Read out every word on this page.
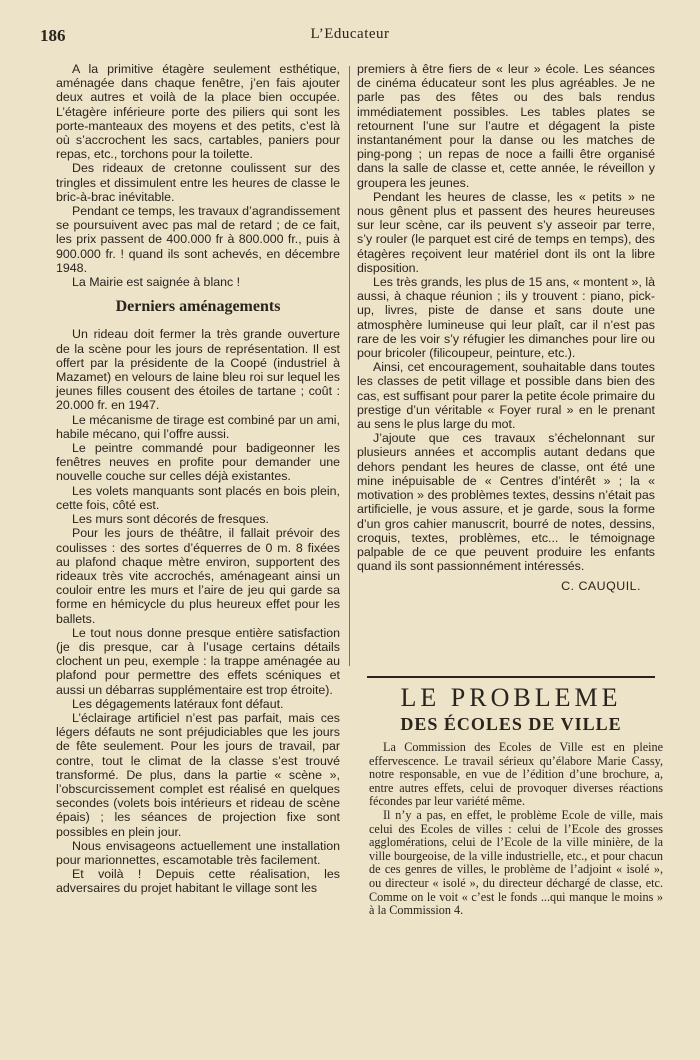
186	L’Educateur

A la primitive étagère seulement esthétique, aménagée dans chaque fenêtre, j’en fais ajouter deux autres et voilà de la place bien occupée. L’étagère inférieure porte des piliers qui sont les porte-manteaux des moyens et des petits, c’est là où s’accrochent les sacs, cartables, paniers pour repas, etc., torchons pour la toilette.

Des rideaux de cretonne coulissent sur des tringles et dissimulent entre les heures de classe le bric-à-brac inévitable.

Pendant ce temps, les travaux d’agrandissement se poursuivent avec pas mal de retard ; de ce fait, les prix passent de 400.000 fr à 800.000 fr., puis à 900.000 fr. ! quand ils sont achevés, en décembre 1948.

La Mairie est saignée à blanc !

Derniers aménagements

Un rideau doit fermer la très grande ouverture de la scène pour les jours de représentation. Il est offert par la présidente de la Coopé (industriel à Mazamet) en velours de laine bleu roi sur lequel les jeunes filles cousent des étoiles de tartane ; coût : 20.000 fr. en 1947.

Le mécanisme de tirage est combiné par un ami, habile mécano, qui l’offre aussi.

Le peintre commandé pour badigeonner les fenêtres neuves en profite pour demander une nouvelle couche sur celles déjà existantes.

Les volets manquants sont placés en bois plein, cette fois, côté est.

Les murs sont décorés de fresques.

Pour les jours de théâtre, il fallait prévoir des coulisses : des sortes d’équerres de 0 m. 8 fixées au plafond chaque mètre environ, supportent des rideaux très vite accrochés, aménageant ainsi un couloir entre les murs et l’aire de jeu qui garde sa forme en hémicycle du plus heureux effet pour les ballets.

Le tout nous donne presque entière satisfaction (je dis presque, car à l’usage certains détails clochent un peu, exemple : la trappe aménagée au plafond pour permettre des effets scéniques et aussi un débarras supplémentaire est trop étroite).

Les dégagements latéraux font défaut.

L’éclairage artificiel n’est pas parfait, mais ces légers défauts ne sont préjudiciables que les jours de fête seulement. Pour les jours de travail, par contre, tout le climat de la classe s’est trouvé transformé. De plus, dans la partie « scène », l’obscurcissement complet est réalisé en quelques secondes (volets bois intérieurs et rideau de scène épais) ; les séances de projection fixe sont possibles en plein jour.

Nous envisageons actuellement une installation pour marionnettes, escamotable très facilement.

Et voilà ! Depuis cette réalisation, les adversaires du projet habitant le village sont les

premiers à être fiers de « leur » école. Les séances de cinéma éducateur sont les plus agréables. Je ne parle pas des fêtes ou des bals rendus immédiatement possibles. Les tables plates se retournent l’une sur l’autre et dégagent la piste instantanément pour la danse ou les matches de ping-pong ; un repas de noce a failli être organisé dans la salle de classe et, cette année, le réveillon y groupera les jeunes.

Pendant les heures de classe, les « petits » ne nous gênent plus et passent des heures heureuses sur leur scène, car ils peuvent s’y asseoir par terre, s’y rouler (le parquet est ciré de temps en temps), des étagères reçoivent leur matériel dont ils ont la libre disposition.

Les très grands, les plus de 15 ans, « montent », là aussi, à chaque réunion ; ils y trouvent : piano, pick-up, livres, piste de danse et sans doute une atmosphère lumineuse qui leur plaît, car il n’est pas rare de les voir s’y réfugier les dimanches pour lire ou pour bricoler (filicoupeur, peinture, etc.).

Ainsi, cet encouragement, souhaitable dans toutes les classes de petit village et possible dans bien des cas, est suffisant pour parer la petite école primaire du prestige d’un véritable « Foyer rural » en le prenant au sens le plus large du mot.

J’ajoute que ces travaux s’échelonnant sur plusieurs années et accomplis autant dedans que dehors pendant les heures de classe, ont été une mine inépuisable de « Centres d’intérêt » ; la « motivation » des problèmes textes, dessins n’était pas artificielle, je vous assure, et je garde, sous la forme d’un gros cahier manuscrit, bourré de notes, dessins, croquis, textes, problèmes, etc... le témoignage palpable de ce que peuvent produire les enfants quand ils sont passionnément intéressés.

C. CAUQUIL.
LE PROBLEME
DES ÉCOLES DE VILLE

La Commission des Ecoles de Ville est en pleine effervescence. Le travail sérieux qu’élabore Marie Cassy, notre responsable, en vue de l’édition d’une brochure, a, entre autres effets, celui de provoquer diverses réactions fécondes par leur variété même.

Il n’y a pas, en effet, le problème Ecole de ville, mais celui des Ecoles de villes : celui de l’Ecole des grosses agglomérations, celui de l’Ecole de la ville minière, de la ville bourgeoise, de la ville industrielle, etc., et pour chacun de ces genres de villes, le problème de l’adjoint « isolé », ou directeur « isolé », du directeur déchargé de classe, etc. Comme on le voit « c’est le fonds ...qui manque le moins » à la Commission 4.
